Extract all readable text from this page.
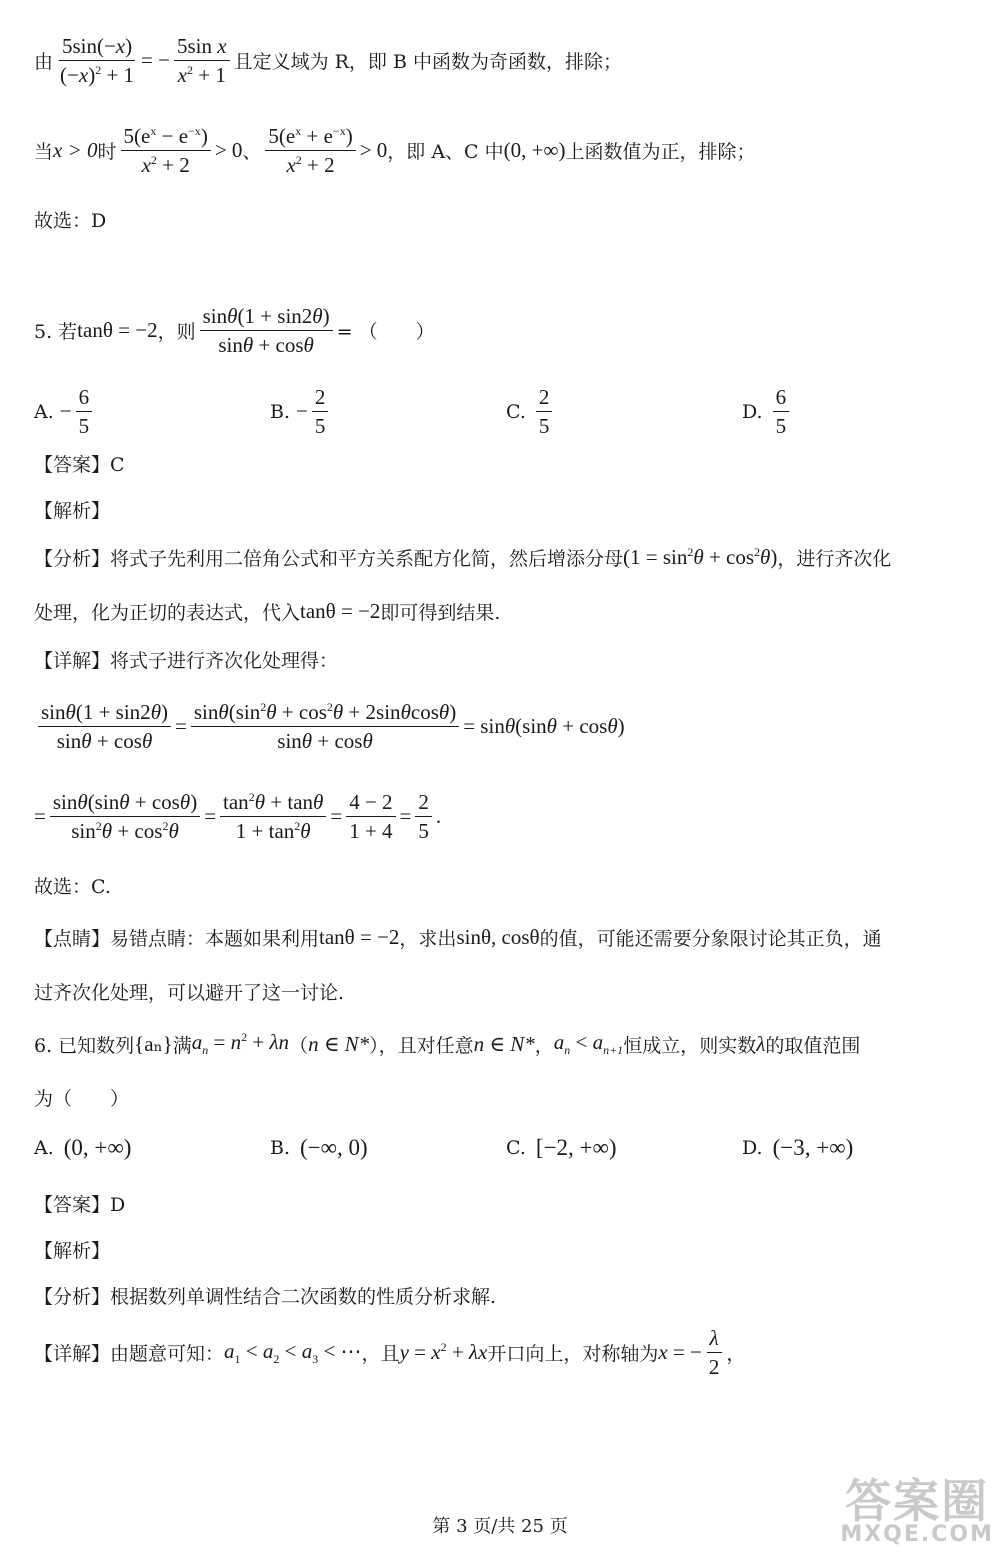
由 $\frac{5\sin(-x)}{(-x)^2 + 1}$ = − $\frac{\text{5sin x}}{x^2 + 1}$ 且定义域为 R，即 B 中函数为奇函数，排除；
当 x > 0 时 $\frac{5(e^x - e^{-x})}{x^2 + 2} > 0$ 、 $\frac{5(e^x + e^{-x})}{x^2 + 2} > 0$ ，即 A、C 中 (0, +∞) 上函数值为正，排除；
故选：D
5. 若 tanθ = −2 ，则 $\frac{\sin\theta(1 + \sin 2\theta)}{\sin\theta + \cos\theta}$ = （　　）
A. − $\frac{6}{5}$	B. − $\frac{2}{5}$	C. $\frac{2}{5}$	D. $\frac{6}{5}$
【答案】C
【解析】
【分析】将式子先利用二倍角公式和平方关系配方化简，然后增添分母 $(1 = \sin^2\theta + \cos^2\theta)$ ，进行齐次化
处理，化为正切的表达式，代入 tanθ = −2 即可得到结果.
【详解】将式子进行齐次化处理得：
$\frac{\sin\theta(1 + \sin 2\theta)}{\sin\theta + \cos\theta} = \frac{\sin\theta(\sin^2\theta + \cos^2\theta + 2\sin\theta\cos\theta)}{\sin\theta + \cos\theta} = \sin\theta(\sin\theta + \cos\theta)$
= $\frac{\sin\theta(\sin\theta + \cos\theta)}{\sin^2\theta + \cos^2\theta} = \frac{\tan^2\theta + \tan\theta}{1 + \tan^2\theta} = \frac{4 - 2}{1 + 4} = \frac{2}{5}$ .
故选：C.
【点睛】易错点睛：本题如果利用 tanθ = −2 ，求出 sinθ, cosθ 的值，可能还需要分象限讨论其正负，通
过齐次化处理，可以避开了这一讨论.
6. 已知数列 {aₙ} 满 $a_n = n^2 + \lambda n$ （ n ∈ N* ），且对任意 n ∈ N* ， $a_n < a_{n+1}$ 恒成立，则实数 λ 的取值范围
为（　　）
A. (0, +∞)	B. (−∞, 0)	C. [−2, +∞)	D. (−3, +∞)
【答案】D
【解析】
【分析】根据数列单调性结合二次函数的性质分析求解.
【详解】由题意可知： $a_1 < a_2 < a_3$ < ⋯ ，且 $y = x^2 + \lambda x$ 开口向上，对称轴为 x = − $\frac{\lambda}{2}$ ，
第 3 页/共 25 页	答案圈
MXQE.COM
